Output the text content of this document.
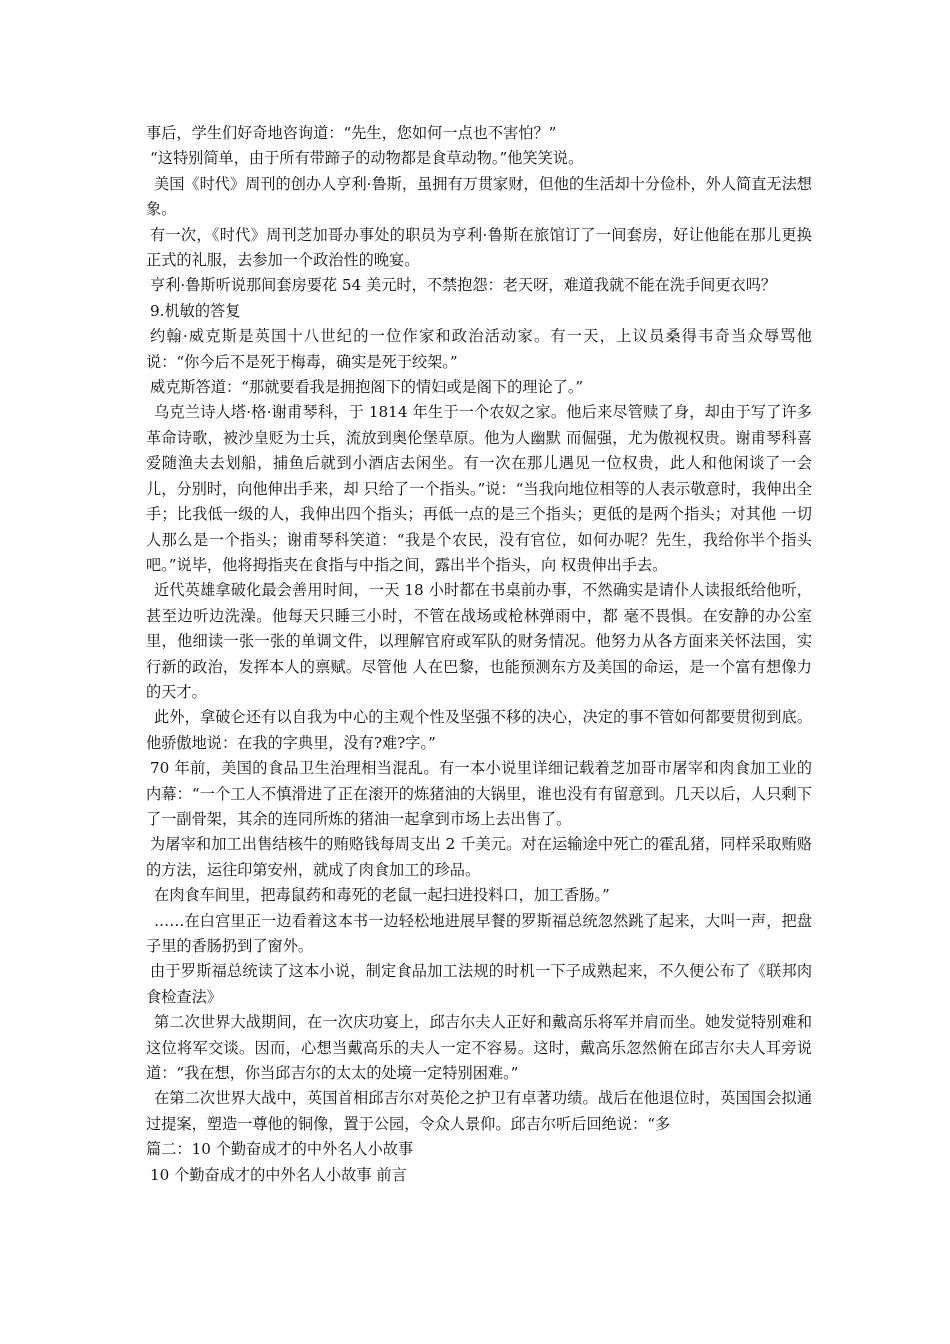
事后，学生们好奇地咨询道：“先生，您如何一点也不害怕？”

“这特别简单，由于所有带蹄子的动物都是食草动物。”他笑笑说。

美国《时代》周刊的创办人亨利·鲁斯，虽拥有万贯家财，但他的生活却十分俭朴，外人简直无法想象。

有一次，《时代》周刊芝加哥办事处的职员为亨利·鲁斯在旅馆订了一间套房，好让他能在那儿更换正式的礼服，去参加一个政治性的晚宴。

亨利·鲁斯听说那间套房要花 54 美元时，不禁抱怨：老天呀，难道我就不能在洗手间更衣吗？

9.机敏的答复

约翰·威克斯是英国十八世纪的一位作家和政治活动家。有一天，上议员桑得韦奇当众辱骂他说：“你今后不是死于梅毒，确实是死于绞架。”

威克斯答道：“那就要看我是拥抱阁下的情妇或是阁下的理论了。”

乌克兰诗人塔·格·谢甫琴科，于 1814 年生于一个农奴之家。他后来尽管赎了身，却由于写了许多革命诗歌，被沙皇贬为士兵，流放到奥伦堡草原。他为人幽默 而倔强，尤为傲视权贵。谢甫琴科喜爱随渔夫去划船，捕鱼后就到小酒店去闲坐。有一次在那儿遇见一位权贵，此人和他闲谈了一会儿，分别时，向他伸出手来，却 只给了一个指头。”说：“当我向地位相等的人表示敬意时，我伸出全手；比我低一级的人，我伸出四个指头；再低一点的是三个指头；更低的是两个指头；对其他 一切人那么是一个指头；谢甫琴科笑道：“我是个农民，没有官位，如何办呢？先生，我给你半个指头吧。”说毕，他将拇指夹在食指与中指之间，露出半个指头，向 权贵伸出手去。

近代英雄拿破化最会善用时间，一天 18 小时都在书桌前办事，不然确实是请仆人读报纸给他听，甚至边听边洗澡。他每天只睡三小时，不管在战场或枪林弹雨中，都 毫不畏惧。在安静的办公室里，他细读一张一张的单调文件，以理解官府或军队的财务情况。他努力从各方面来关怀法国，实行新的政治，发挥本人的禀赋。尽管他 人在巴黎，也能预测东方及美国的命运，是一个富有想像力的天才。

此外，拿破仑还有以自我为中心的主观个性及坚强不移的决心，决定的事不管如何都要贯彻到底。他骄傲地说：在我的字典里，没有?难?字。”

70 年前，美国的食品卫生治理相当混乱。有一本小说里详细记载着芝加哥市屠宰和肉食加工业的内幕：“一个工人不慎滑进了正在滚开的炼猪油的大锅里，谁也没有有留意到。几天以后，人只剩下了一副骨架，其余的连同所炼的猪油一起拿到市场上去出售了。

为屠宰和加工出售结核牛的贿赂钱每周支出 2 千美元。对在运输途中死亡的霍乱猪，同样采取贿赂的方法，运往印第安州，就成了肉食加工的珍品。

在肉食车间里，把毒鼠药和毒死的老鼠一起扫进投料口，加工香肠。”

……在白宫里正一边看着这本书一边轻松地进展早餐的罗斯福总统忽然跳了起来，大叫一声，把盘子里的香肠扔到了窗外。

由于罗斯福总统读了这本小说，制定食品加工法规的时机一下子成熟起来，不久便公布了《联邦肉食检查法》

第二次世界大战期间，在一次庆功宴上，邱吉尔夫人正好和戴高乐将军并肩而坐。她发觉特别难和这位将军交谈。因而，心想当戴高乐的夫人一定不容易。这时，戴高乐忽然俯在邱吉尔夫人耳旁说道：“我在想，你当邱吉尔的太太的处境一定特别困难。”

在第二次世界大战中，英国首相邱吉尔对英伦之护卫有卓著功绩。战后在他退位时，英国国会拟通过提案，塑造一尊他的铜像，置于公园，令众人景仰。邱吉尔听后回绝说：“多

篇二：10 个勤奋成才的中外名人小故事

10 个勤奋成才的中外名人小故事 前言
